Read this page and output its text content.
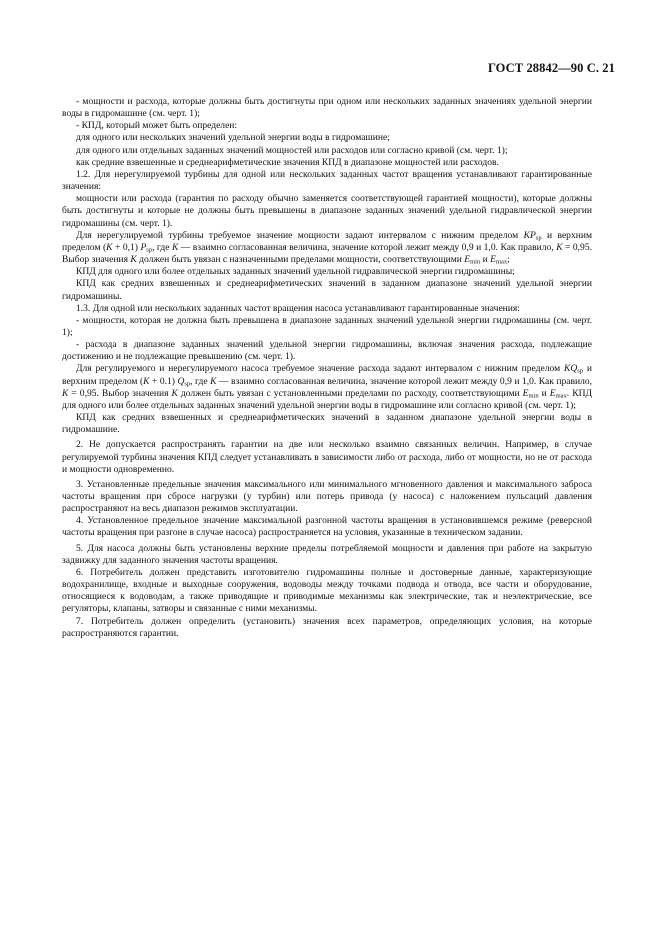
ГОСТ 28842—90 С. 21

- мощности и расхода, которые должны быть достигнуты при одном или нескольких заданных значениях удельной энергии воды в гидромашине (см. черт. 1);

- КПД, который может быть определен:

для одного или нескольких значений удельной энергии воды в гидромашине;

для одного или отдельных заданных значений мощностей или расходов или согласно кривой (см. черт. 1);

как средние взвешенные и среднеарифметические значения КПД в диапазоне мощностей или расходов.

1.2. Для нерегулируемой турбины для одной или нескольких заданных частот вращения устанавливают гарантированные значения:

мощности или расхода (гарантия по расходу обычно заменяется соответствующей гарантией мощности), которые должны быть достигнуты и которые не должны быть превышены в диапазоне заданных значений удельной гидравлической энергии гидромашины (см. черт. 1).

Для нерегулируемой турбины требуемое значение мощности задают интервалом с нижним пределом $KP_{sp}$ и верхним пределом (K + 0,1) $P_{sp}$, где K — взаимно согласованная величина, значение которой лежит между 0,9 и 1,0. Как правило, K = 0,95. Выбор значения K должен быть увязан с назначенными пределами мощности, соответствующими $E_{min}$ и $E_{max}$;

КПД для одного или более отдельных заданных значений удельной гидравлической энергии гидромашины;

КПД как средних взвешенных и среднеарифметических значений в заданном диапазоне значений удельной энергии гидромашины.

1.3. Для одной или нескольких заданных частот вращения насоса устанавливают гарантированные значения:

- мощности, которая не должна быть превышена в диапазоне заданных значений удельной энергии гидромашины (см. черт. 1);

- расхода в диапазоне заданных значений удельной энергии гидромашины, включая значения расхода, подлежащие достижению и не подлежащие превышению (см. черт. 1).

Для регулируемого и нерегулируемого насоса требуемое значение расхода задают интервалом с нижним пределом $KQ_{sp}$ и верхним пределом (K + 0.1) $Q_{sp}$, где K — взаимно согласованная величина, значение которой лежит между 0,9 и 1,0. Как правило, K = 0,95. Выбор значения K должен быть увязан с установленными пределами по расходу, соответствующими $E_{min}$ и $E_{max}$. КПД для одного или более отдельных заданных значений удельной энергии воды в гидромашине или согласно кривой (см. черт. 1);

КПД как средних взвешенных и среднеарифметических значений в заданном диапазоне удельной энергии воды в гидромашине.

2. Не допускается распространять гарантии на две или несколько взаимно связанных величин. Например, в случае регулируемой турбины значения КПД следует устанавливать в зависимости либо от расхода, либо от мощности, но не от расхода и мощности одновременно.

3. Установленные предельные значения максимального или минимального мгновенного давления и максимального заброса частоты вращения при сбросе нагрузки (у турбин) или потерь привода (у насоса) с наложением пульсаций давления распространяют на весь диапазон режимов эксплуатации.

4. Установленное предельное значение максимальной разгонной частоты вращения в установившемся режиме (реверсной частоты вращения при разгоне в случае насоса) распространяется на условия, указанные в техническом задании.

5. Для насоса должны быть установлены верхние пределы потребляемой мощности и давления при работе на закрытую задвижку для заданного значения частоты вращения.

6. Потребитель должен представить изготовителю гидромашины полные и достоверные данные, характеризующие водохранилище, входные и выходные сооружения, водоводы между точками подвода и отвода, все части и оборудование, относящиеся к водоводам, а также приводящие и приводимые механизмы как электрические, так и неэлектрические, все регуляторы, клапаны, затворы и связанные с ними механизмы.

7. Потребитель должен определить (установить) значения всех параметров, определяющих условия, на которые распространяются гарантии.
